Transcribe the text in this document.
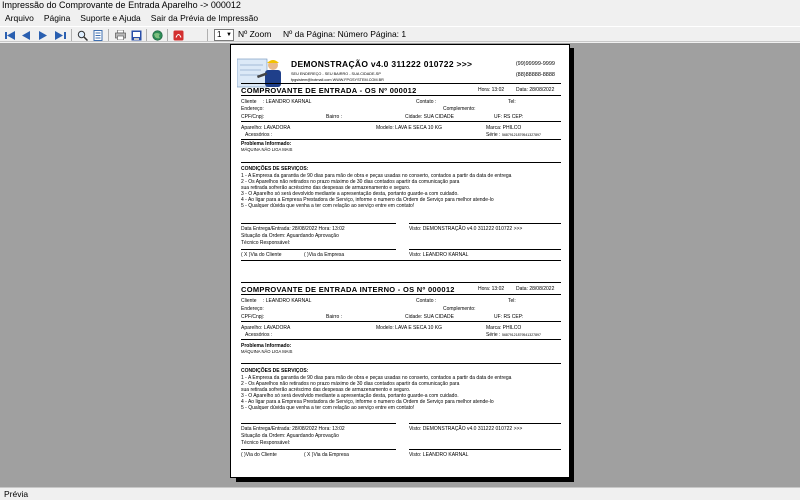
Impressão do Comprovante de Entrada Aparelho -> 000012
Arquivo	Página	Suporte e Ajuda	Sair da Prévia de Impressão
1 ▼ Nº Zoom Nº da Página: Número Página: 1
DEMONSTRAÇÃO v4.0 311222 010722 >>>
SEU ENDEREÇO - SEU BAIRRO - SUA CIDADE-SP
fpgsistem@hotmail.com WWW.FPGSYSTEM.COM.BR
(99)99999-9999
(88)88888-8888
COMPROVANTE DE ENTRADA - OS Nº 000012	Hora: 13:02 Data: 28/08/2022
Cliente : LEANDRO KARNAL	Contato :	Tel:
Endereço:	Complemento:
CPF/Cnpj:	Bairro :	Cidade: SUA CIDADE	UF: RS CEP:
Aparelho: LAVADORA	Modelo: LAVA E SECA 10 KG	Marca: PHILCO
Acessórios :	Série : 56879121879541327897
Problema Informado:
MÁQUINA NÃO LIGA MAIS
CONDIÇÕES DE SERVIÇOS:
1 - A Empresa da garantia de 90 dias para mão de obra e peças usadas no conserto, contados a partir da data de entrega
2 - Os Aparelhos não retirados no prazo máximo de 30 dias contados apartir da comunicação para
sua retirada sofrerão acréscimo das despesas de armazenamento e seguro.
3 - O Aparelho só será devolvido mediante a apresentação desta, portanto guarde-a com cuidado.
4 - Ao ligar para a Empresa Prestadora de Serviço, informe o numero da Ordem de Serviço para melhor atende-lo
5 - Qualquer dúvida que venha a ter com relação ao serviço entre em contato!
Data Entrega/Entrada: 28/08/2022 Hora: 13:02	Visto: DEMONSTRAÇÃO v4.0 311222 010722 >>>
Situação da Ordem: Aguardando Aprovação
Técnico Responsável:
( X )Via do Cliente	( )Via da Empresa	Visto: LEANDRO KARNAL
COMPROVANTE DE ENTRADA INTERNO - OS Nº 000012	Hora: 13:02 Data: 28/08/2022
Cliente : LEANDRO KARNAL	Contato :	Tel:
Endereço:	Complemento:
CPF/Cnpj:	Bairro :	Cidade: SUA CIDADE	UF: RS CEP:
Aparelho: LAVADORA	Modelo: LAVA E SECA 10 KG	Marca: PHILCO
Acessórios :	Série : 56879121879541327897
Problema Informado:
MÁQUINA NÃO LIGA MAIS
CONDIÇÕES DE SERVIÇOS:
1 - A Empresa da garantia de 90 dias para mão de obra e peças usadas no conserto, contados a partir da data de entrega
2 - Os Aparelhos não retirados no prazo máximo de 30 dias contados apartir da comunicação para
sua retirada sofrerão acréscimo das despesas de armazenamento e seguro.
3 - O Aparelho só será devolvido mediante a apresentação desta, portanto guarde-a com cuidado.
4 - Ao ligar para a Empresa Prestadora de Serviço, informe o numero da Ordem de Serviço para melhor atende-lo
5 - Qualquer dúvida que venha a ter com relação ao serviço entre em contato!
Data Entrega/Entrada: 28/08/2022 Hora: 13:02	Visto: DEMONSTRAÇÃO v4.0 311222 010722 >>>
Situação da Ordem: Aguardando Aprovação
Técnico Responsável:
( )Via do Cliente	( X )Via da Empresa	Visto: LEANDRO KARNAL
Prévia
